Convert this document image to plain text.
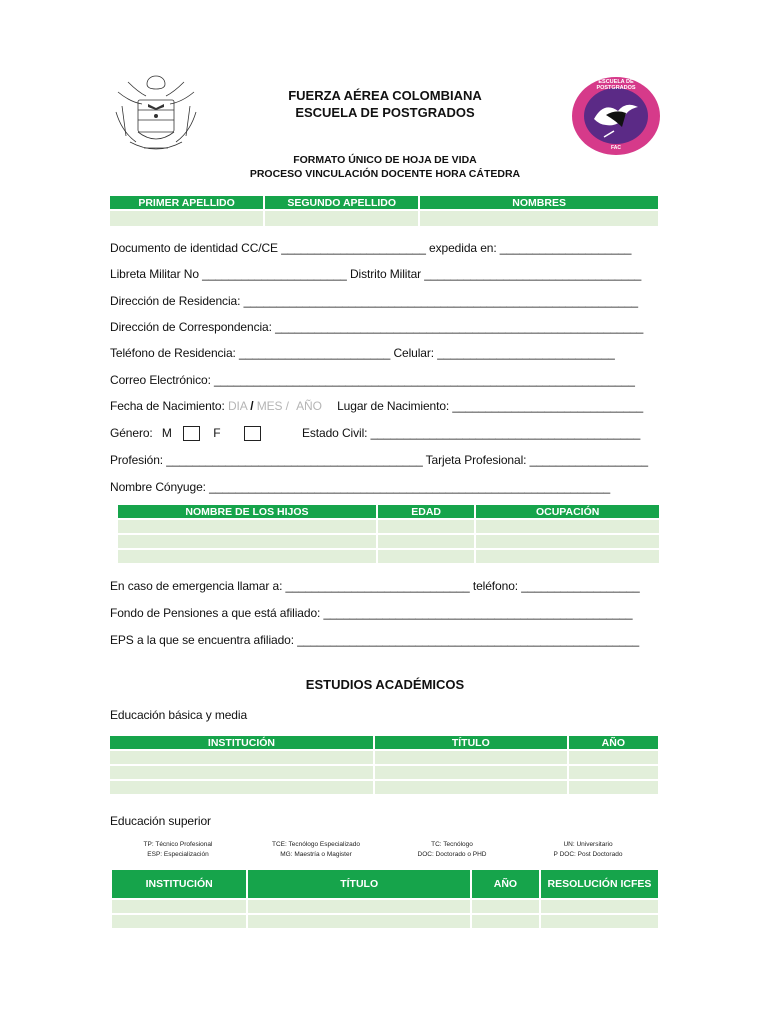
FUERZA AÉREA COLOMBIANA
ESCUELA DE POSTGRADOS
FORMATO ÚNICO DE HOJA DE VIDA
PROCESO VINCULACIÓN DOCENTE HORA CÁTEDRA
ESCUELA DE POSTGRADOS
FAC
PRIMER APELLIDO	SEGUNDO APELLIDO	NOMBRES

Documento de identidad CC/CE ______________________ expedida en: ____________________
Libreta Militar No ______________________ Distrito Militar _________________________________
Dirección de Residencia: ____________________________________________________________
Dirección de Correspondencia: ________________________________________________________
Teléfono de Residencia: _______________________ Celular: ___________________________
Correo Electrónico: ________________________________________________________________
Fecha de Nacimiento: DIA / MES / AÑO Lugar de Nacimiento: _____________________________
Género: M	F	Estado Civil: _________________________________________
Profesión: _______________________________________ Tarjeta Profesional: __________________
Nombre Cónyuge: _____________________________________________________________
NOMBRE DE LOS HIJOS	EDAD	OCUPACIÓN

En caso de emergencia llamar a: ____________________________ teléfono: __________________
Fondo de Pensiones a que está afiliado: _______________________________________________
EPS a la que se encuentra afiliado: ____________________________________________________
ESTUDIOS ACADÉMICOS
Educación básica y media
INSTITUCIÓN	TÍTULO	AÑO

Educación superior
TP: Técnico Profesional
ESP: Especialización
TCE: Tecnólogo Especializado
MG: Maestría o Magister
TC: Tecnólogo
DOC: Doctorado o PHD
UN: Universitario
P DOC: Post Doctorado
INSTITUCIÓN	TÍTULO	AÑO	RESOLUCIÓN ICFES
